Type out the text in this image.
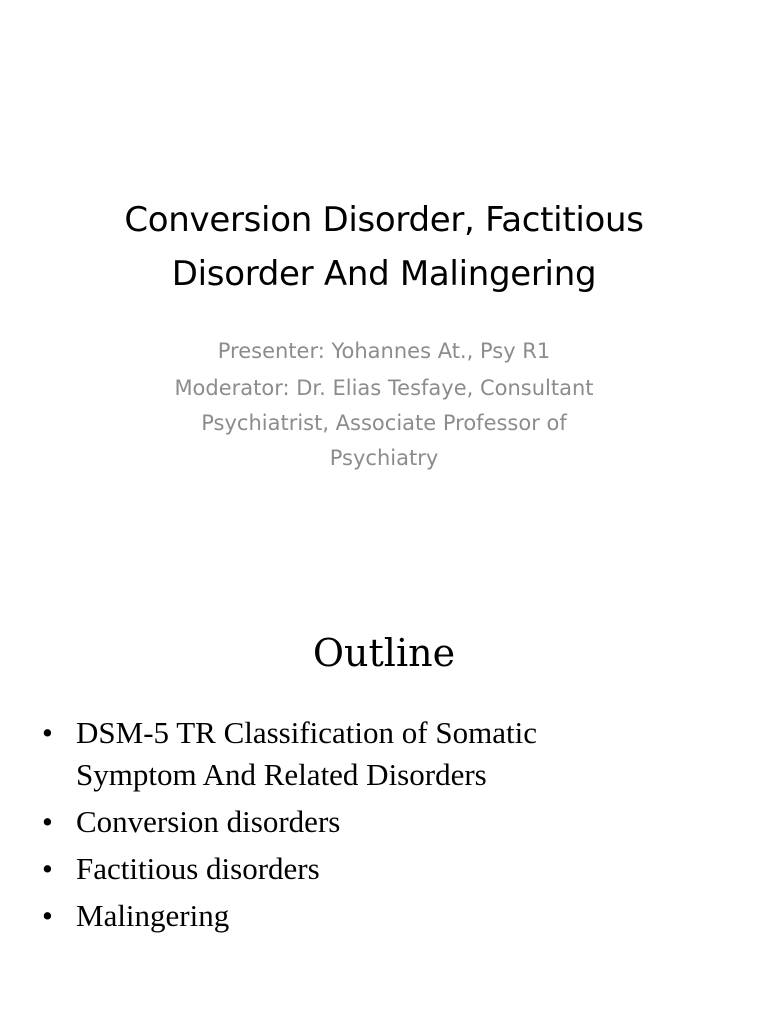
Conversion Disorder, Factitious
Disorder And Malingering
Presenter: Yohannes At., Psy R1
Moderator: Dr. Elias Tesfaye, Consultant
Psychiatrist, Associate Professor of
Psychiatry
Outline
• DSM-5 TR Classification of Somatic
Symptom And Related Disorders
• Conversion disorders
• Factitious disorders
• Malingering
